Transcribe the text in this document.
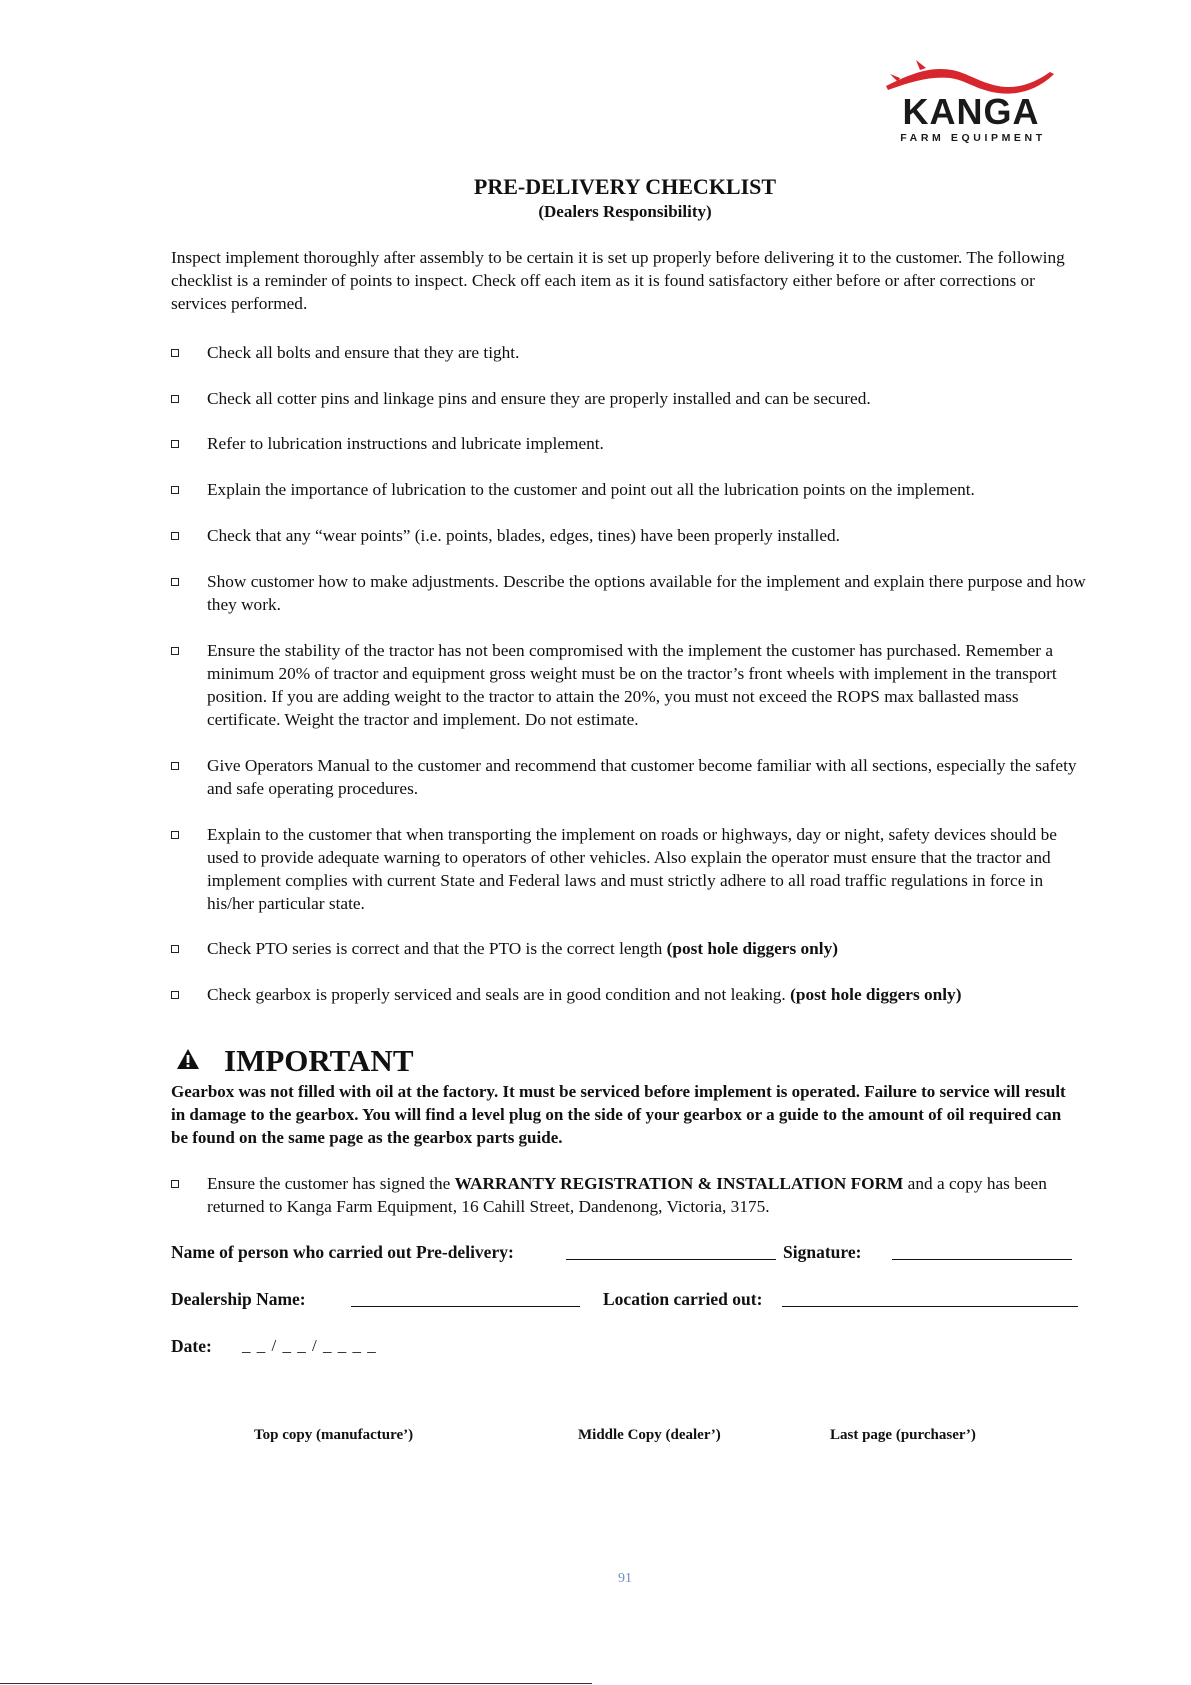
KANGA
FARM EQUIPMENT
PRE-DELIVERY CHECKLIST
(Dealers Responsibility)

Inspect implement thoroughly after assembly to be certain it is set up properly before delivering it to the customer. The following checklist is a reminder of points to inspect. Check off each item as it is found satisfactory either before or after corrections or services performed.

Check all bolts and ensure that they are tight.
Check all cotter pins and linkage pins and ensure they are properly installed and can be secured.
Refer to lubrication instructions and lubricate implement.
Explain the importance of lubrication to the customer and point out all the lubrication points on the implement.
Check that any “wear points” (i.e. points, blades, edges, tines) have been properly installed.
Show customer how to make adjustments. Describe the options available for the implement and explain there purpose and how they work.
Ensure the stability of the tractor has not been compromised with the implement the customer has purchased. Remember a minimum 20% of tractor and equipment gross weight must be on the tractor’s front wheels with implement in the transport position. If you are adding weight to the tractor to attain the 20%, you must not exceed the ROPS max ballasted mass certificate. Weight the tractor and implement. Do not estimate.
Give Operators Manual to the customer and recommend that customer become familiar with all sections, especially the safety and safe operating procedures.
Explain to the customer that when transporting the implement on roads or highways, day or night, safety devices should be used to provide adequate warning to operators of other vehicles. Also explain the operator must ensure that the tractor and implement complies with current State and Federal laws and must strictly adhere to all road traffic regulations in force in his/her particular state.
Check PTO series is correct and that the PTO is the correct length (post hole diggers only)
Check gearbox is properly serviced and seals are in good condition and not leaking. (post hole diggers only)
IMPORTANT

Gearbox was not filled with oil at the factory. It must be serviced before implement is operated. Failure to service will result in damage to the gearbox. You will find a level plug on the side of your gearbox or a guide to the amount of oil required can be found on the same page as the gearbox parts guide.

Ensure the customer has signed the WARRANTY REGISTRATION & INSTALLATION FORM and a copy has been returned to Kanga Farm Equipment, 16 Cahill Street, Dandenong, Victoria, 3175.
Name of person who carried out Pre-delivery:	Signature:
Dealership Name:	Location carried out:
Date: _ _ / _ _ / _ _ _ _
Top copy (manufacture’)	Middle Copy (dealer’)	Last page (purchaser’)
91
